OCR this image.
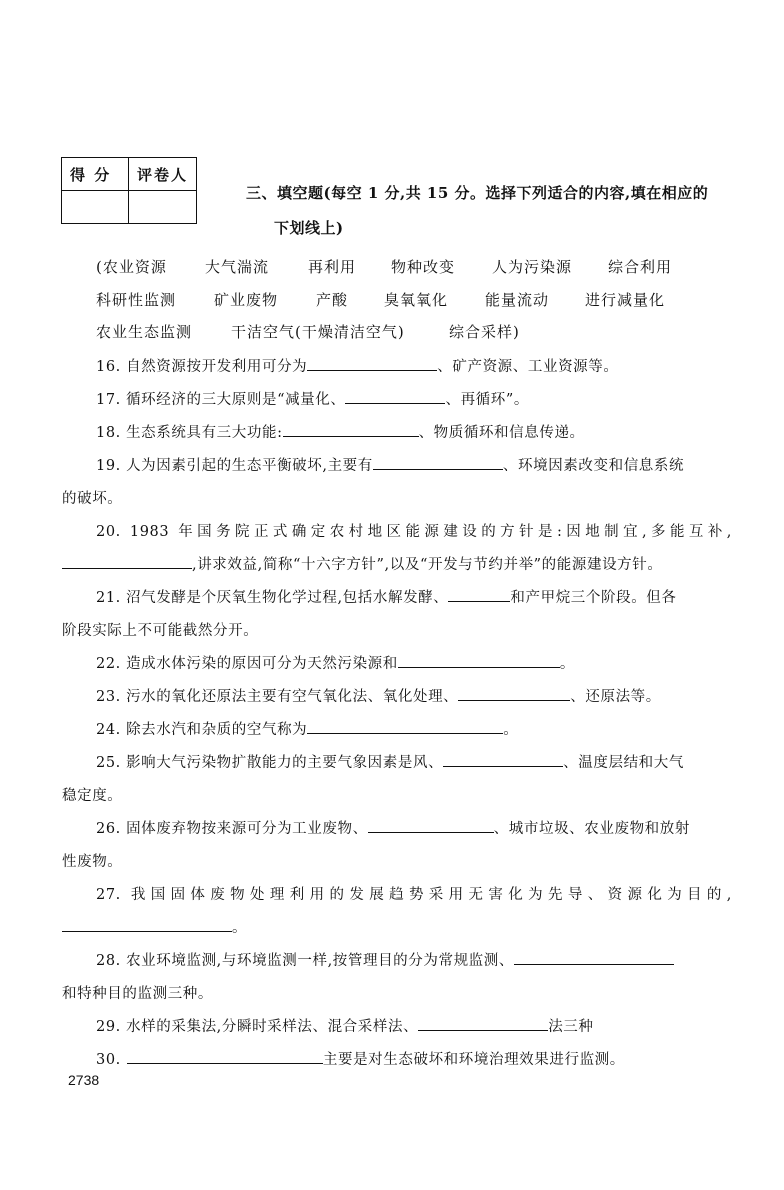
得 分 评卷人
三、填空题(每空 1 分,共 15 分。选择下列适合的内容,填在相应的
下划线上)
(农业资源	大气湍流	再利用 物种改变 人为污染源 综合利用
科研性监测	矿业废物	产酸 臭氧氧化 能量流动 进行减量化
农业生态监测	干洁空气(干燥清洁空气)	综合采样)
16. 自然资源按开发利用可分为	、矿产资源、工业资源等。
17. 循环经济的三大原则是“减量化、	、再循环”。
18. 生态系统具有三大功能:	、物质循环和信息传递。
19. 人为因素引起的生态平衡破坏,主要有	、环境因素改变和信息系统
的破坏。
20. 1983 年国务院正式确定农村地区能源建设的方针是:因地制宜,多能互补,
,讲求效益,简称“十六字方针”,以及“开发与节约并举”的能源建设方针。
21. 沼气发酵是个厌氧生物化学过程,包括水解发酵、	和产甲烷三个阶段。但各
阶段实际上不可能截然分开。
22. 造成水体污染的原因可分为天然污染源和	。
23. 污水的氧化还原法主要有空气氧化法、氧化处理、	、还原法等。
24. 除去水汽和杂质的空气称为	。
25. 影响大气污染物扩散能力的主要气象因素是风、	、温度层结和大气
稳定度。
26. 固体废弃物按来源可分为工业废物、	、城市垃圾、农业废物和放射
性废物。
27. 我国固体废物处理利用的发展趋势采用无害化为先导、资源化为目的,
。
28. 农业环境监测,与环境监测一样,按管理目的分为常规监测、
和特种目的监测三种。
29. 水样的采集法,分瞬时采样法、混合采样法、	法三种
30.	主要是对生态破坏和环境治理效果进行监测。
2738
